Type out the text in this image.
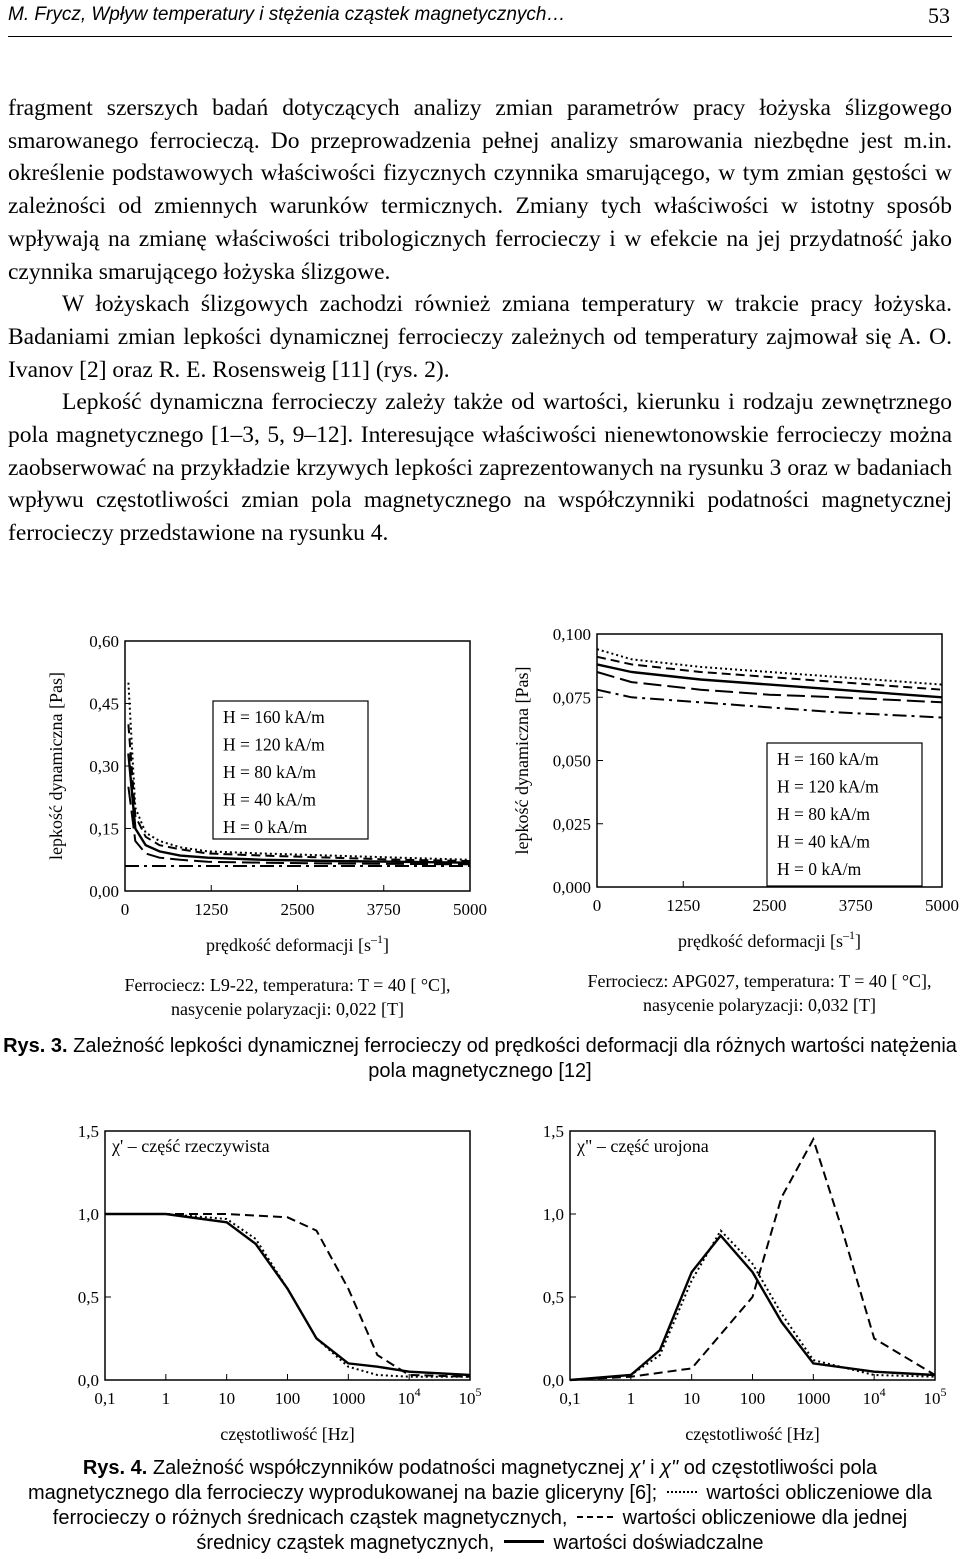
M. Frycz, Wpływ temperatury i stężenia cząstek magnetycznych…	53

fragment szerszych badań dotyczących analizy zmian parametrów pracy łożyska ślizgowego smarowanego ferrocieczą. Do przeprowadzenia pełnej analizy smarowania niezbędne jest m.in. określenie podstawowych właściwości fizycznych czynnika smarującego, w tym zmian gęstości w zależności od zmiennych warunków termicznych. Zmiany tych właściwości w istotny sposób wpływają na zmianę właściwości tribologicznych ferrocieczy i w efekcie na jej przydatność jako czynnika smarującego łożyska ślizgowe.

W łożyskach ślizgowych zachodzi również zmiana temperatury w trakcie pracy łożyska. Badaniami zmian lepkości dynamicznej ferrocieczy zależnych od temperatury zajmował się A. O. Ivanov [2] oraz R. E. Rosensweig [11] (rys. 2).

Lepkość dynamiczna ferrocieczy zależy także od wartości, kierunku i rodzaju zewnętrznego pola magnetycznego [1–3, 5, 9–12]. Interesujące właściwości nienewtonowskie ferrocieczy można zaobserwować na przykładzie krzywych lepkości zaprezentowanych na rysunku 3 oraz w badaniach wpływu częstotliwości zmian pola magnetycznego na współczynniki podatności magnetycznej ferrocieczy przedstawione na rysunku 4.

0,00
0,15
0,30
0,45
0,60
0	1250	2500	3750	5000
lepkość dynamiczna [Pas]
prędkość deformacji $[s^{-1}]$
Ferrociecz: L9-22, temperatura: T = 40 [ °C],
nasycenie polaryzacji: 0,022 [T]
H = 160 kA/m
H = 120 kA/m
H = 80 kA/m
H = 40 kA/m
H = 0 kA/m
0,000
0,025
0,050
0,075
0,100
0	1250	2500	3750	5000
lepkość dynamiczna [Pas]
prędkość deformacji $[s^{-1}]$
Ferrociecz: APG027, temperatura: T = 40 [ °C],
nasycenie polaryzacji: 0,032 [T]
H = 160 kA/m
H = 120 kA/m
H = 80 kA/m
H = 40 kA/m
H = 0 kA/m
0,0
0,5
1,0
1,5
0,1	1	10 100 1000 $10^4$ $10^5$
częstotliwość [Hz]
χ' – część rzeczywista
0,0
0,5
1,0
1,5
0,1	1	10 100 1000 $10^4$ $10^5$
częstotliwość [Hz]
χ" – część urojona
Rys. 3. Zależność lepkości dynamicznej ferrocieczy od prędkości deformacji dla różnych wartości natężenia pola magnetycznego [12]
Rys. 4. Zależność współczynników podatności magnetycznej χ' i χ" od częstotliwości pola magnetycznego dla ferrocieczy wyprodukowanej na bazie gliceryny [6]; wartości obliczeniowe dla ferrocieczy o różnych średnicach cząstek magnetycznych,	wartości obliczeniowe dla jednej średnicy cząstek magnetycznych,	wartości doświadczalne
